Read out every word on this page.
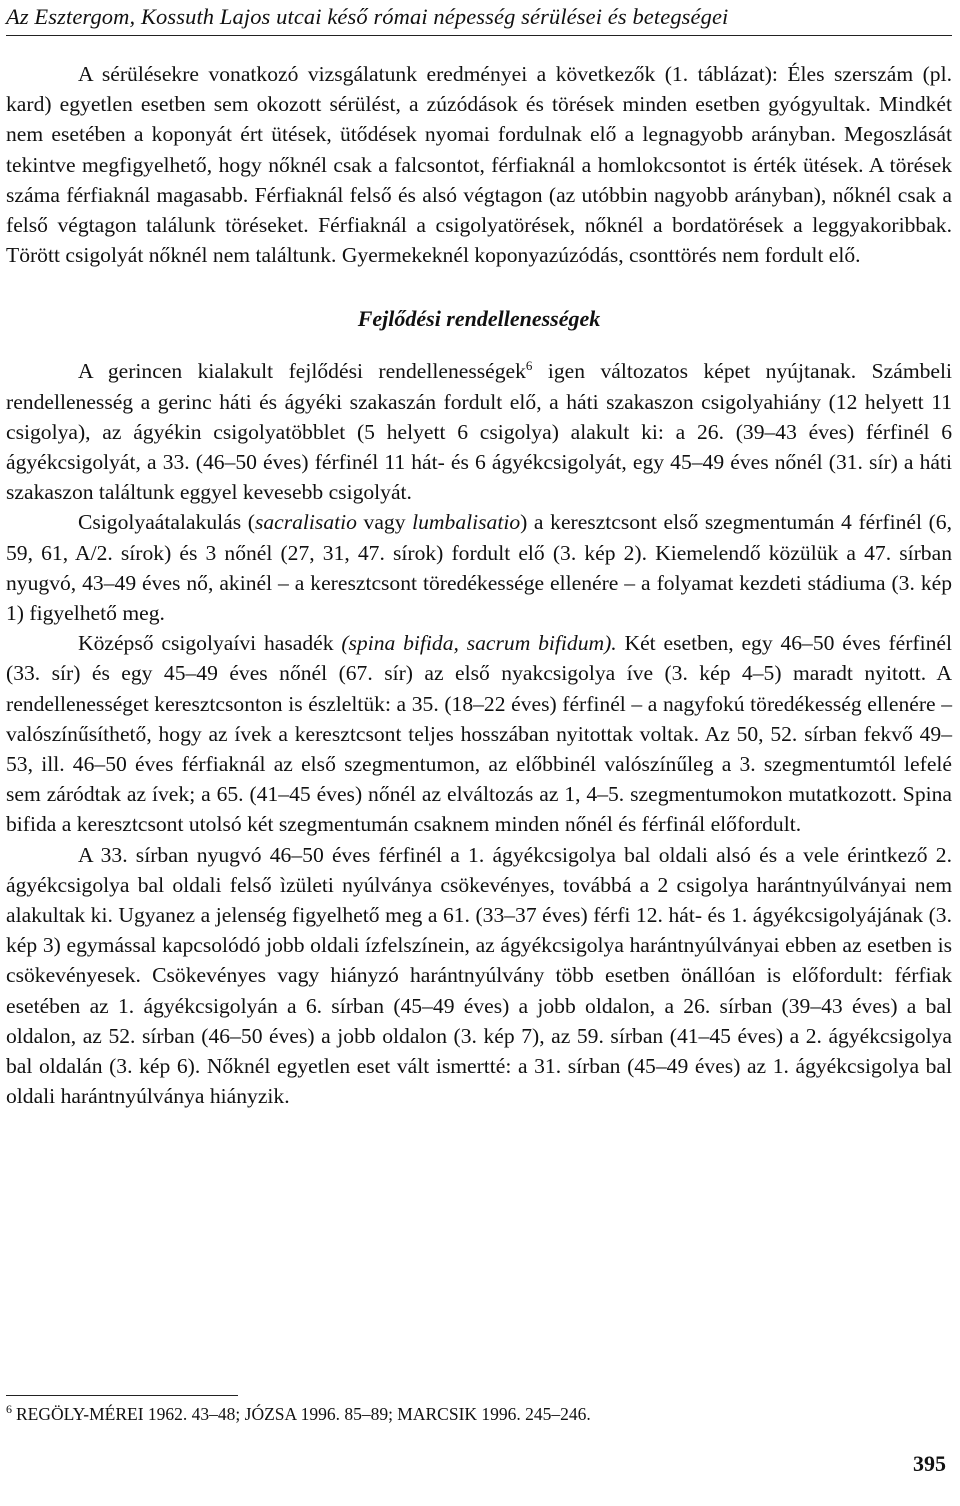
Az Esztergom, Kossuth Lajos utcai késő római népesség sérülései és betegségei

A sérülésekre vonatkozó vizsgálatunk eredményei a következők (1. táblázat): Éles szerszám (pl. kard) egyetlen esetben sem okozott sérülést, a zúzódások és törések minden esetben gyógyultak. Mindkét nem esetében a koponyát ért ütések, ütődések nyomai fordulnak elő a legnagyobb arányban. Megoszlását tekintve megfigyelhető, hogy nőknél csak a falcsontot, férfiaknál a homlokcsontot is érték ütések. A törések száma férfiaknál magasabb. Férfiaknál felső és alsó végtagon (az utóbbin nagyobb arányban), nőknél csak a felső végtagon találunk töréseket. Férfiaknál a csigolyatörések, nőknél a bordatörések a leggyakoribbak. Törött csigolyát nőknél nem találtunk. Gyermekeknél koponyazúzódás, csonttörés nem fordult elő.

Fejlődési rendellenességek

A gerincen kialakult fejlődési rendellenességek$^6$ igen változatos képet nyújtanak. Számbeli rendellenesség a gerinc háti és ágyéki szakaszán fordult elő, a háti szakaszon csigolyahiány (12 helyett 11 csigolya), az ágyékin csigolyatöbblet (5 helyett 6 csigolya) alakult ki: a 26. (39–43 éves) férfinél 6 ágyékcsigolyát, a 33. (46–50 éves) férfinél 11 hát- és 6 ágyékcsigolyát, egy 45–49 éves nőnél (31. sír) a háti szakaszon találtunk eggyel kevesebb csigolyát.

Csigolyaátalakulás (sacralisatio vagy lumbalisatio) a keresztcsont első szegmentumán 4 férfinél (6, 59, 61, A/2. sírok) és 3 nőnél (27, 31, 47. sírok) fordult elő (3. kép 2). Kiemelendő közülük a 47. sírban nyugvó, 43–49 éves nő, akinél – a keresztcsont töredékessége ellenére – a folyamat kezdeti stádiuma (3. kép 1) figyelhető meg.

Középső csigolyaívi hasadék (spina bifida, sacrum bifidum). Két esetben, egy 46–50 éves férfinél (33. sír) és egy 45–49 éves nőnél (67. sír) az első nyakcsigolya íve (3. kép 4–5) maradt nyitott. A rendellenességet keresztcsonton is észleltük: a 35. (18–22 éves) férfinél – a nagyfokú töredékesség ellenére – valószínűsíthető, hogy az ívek a keresztcsont teljes hosszában nyitottak voltak. Az 50, 52. sírban fekvő 49–53, ill. 46–50 éves férfiaknál az első szegmentumon, az előbbinél valószínűleg a 3. szegmentumtól lefelé sem záródtak az ívek; a 65. (41–45 éves) nőnél az elváltozás az 1, 4–5. szegmentumokon mutatkozott. Spina bifida a keresztcsont utolsó két szegmentumán csaknem minden nőnél és férfinál előfordult.

A 33. sírban nyugvó 46–50 éves férfinél a 1. ágyékcsigolya bal oldali alsó és a vele érintkező 2. ágyékcsigolya bal oldali felső ìzületi nyúlványa csökevényes, továbbá a 2 csigolya harántnyúlványai nem alakultak ki. Ugyanez a jelenség figyelhető meg a 61. (33–37 éves) férfi 12. hát- és 1. ágyékcsigolyájának (3. kép 3) egymással kapcsolódó jobb oldali ízfelszínein, az ágyékcsigolya harántnyúlványai ebben az esetben is csökevényesek. Csökevényes vagy hiányzó harántnyúlvány több esetben önállóan is előfordult: férfiak esetében az 1. ágyékcsigolyán a 6. sírban (45–49 éves) a jobb oldalon, a 26. sírban (39–43 éves) a bal oldalon, az 52. sírban (46–50 éves) a jobb oldalon (3. kép 7), az 59. sírban (41–45 éves) a 2. ágyékcsigolya bal oldalán (3. kép 6). Nőknél egyetlen eset vált ismertté: a 31. sírban (45–49 éves) az 1. ágyékcsigolya bal oldali harántnyúlványa hiányzik.

$^6$ REGÖLY-MÉREI 1962. 43–48; JÓZSA 1996. 85–89; MARCSIK 1996. 245–246.
395
